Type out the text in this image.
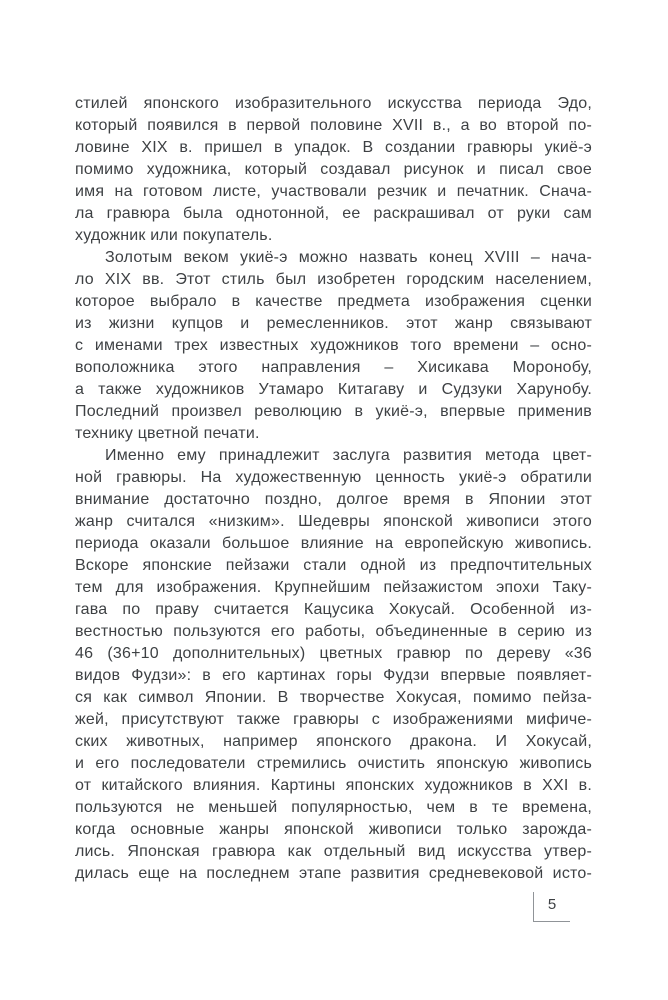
стилей японского изобразительного искусства периода Эдо,
который появился в первой половине XVII в., а во второй по-
ловине XIX в. пришел в упадок. В создании гравюры укиё-э
помимо художника, который создавал рисунок и писал свое
имя на готовом листе, участвовали резчик и печатник. Снача-
ла гравюра была однотонной, ее раскрашивал от руки сам
художник или покупатель.
Золотым веком укиё-э можно назвать конец XVIII – нача-
ло XIX вв. Этот стиль был изобретен городским населением,
которое выбрало в качестве предмета изображения сценки
из жизни купцов и ремесленников. этот жанр связывают
с именами трех известных художников того времени – осно-
воположника этого направления – Хисикава Моронобу,
а также художников Утамаро Китагаву и Судзуки Харунобу.
Последний произвел революцию в укиё-э, впервые применив
технику цветной печати.
Именно ему принадлежит заслуга развития метода цвет-
ной гравюры. На художественную ценность укиё-э обратили
внимание достаточно поздно, долгое время в Японии этот
жанр считался «низким». Шедевры японской живописи этого
периода оказали большое влияние на европейскую живопись.
Вскоре японские пейзажи стали одной из предпочтительных
тем для изображения. Крупнейшим пейзажистом эпохи Таку-
гава по праву считается Кацусика Хокусай. Особенной из-
вестностью пользуются его работы, объединенные в серию из
46 (36+10 дополнительных) цветных гравюр по дереву «36
видов Фудзи»: в его картинах горы Фудзи впервые появляет-
ся как символ Японии. В творчестве Хокусая, помимо пейза-
жей, присутствуют также гравюры с изображениями мифиче-
ских животных, например японского дракона. И Хокусай,
и его последователи стремились очистить японскую живопись
от китайского влияния. Картины японских художников в XXI в.
пользуются не меньшей популярностью, чем в те времена,
когда основные жанры японской живописи только зарожда-
лись. Японская гравюра как отдельный вид искусства утвер-
дилась еще на последнем этапе развития средневековой исто-
5
